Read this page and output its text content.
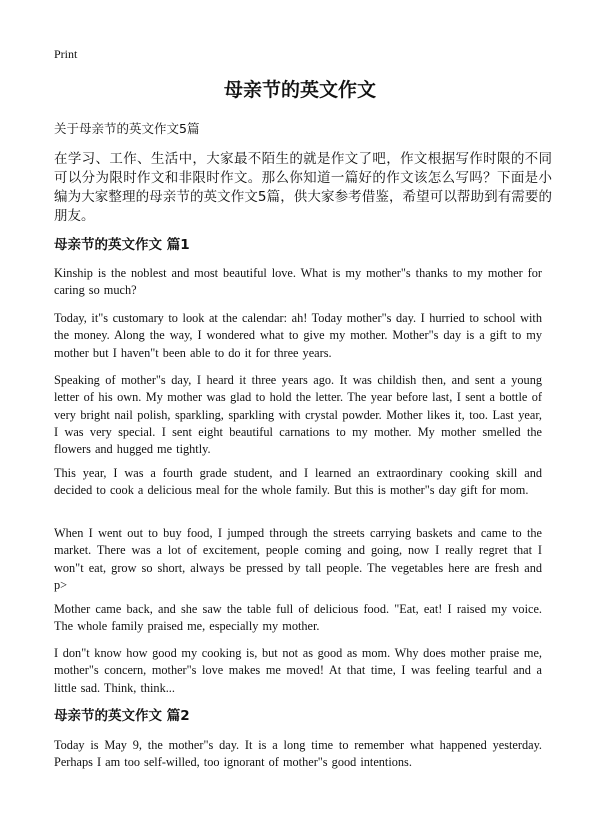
Print
母亲节的英文作文
关于母亲节的英文作文5篇
在学习、工作、生活中，大家最不陌生的就是作文了吧，作文根据写作时限的不同可以分为限时作文和非限时作文。那么你知道一篇好的作文该怎么写吗？下面是小编为大家整理的母亲节的英文作文5篇，供大家参考借鉴，希望可以帮助到有需要的朋友。
母亲节的英文作文 篇1
Kinship is the noblest and most beautiful love. What is my mother"s thanks to my mother for caring so much?
Today, it"s customary to look at the calendar: ah! Today mother"s day. I hurried to school with the money. Along the way, I wondered what to give my mother. Mother"s day is a gift to my mother but I haven"t been able to do it for three years.
Speaking of mother"s day, I heard it three years ago. It was childish then, and sent a young letter of his own. My mother was glad to hold the letter. The year before last, I sent a bottle of very bright nail polish, sparkling, sparkling with crystal powder. Mother likes it, too. Last year, I was very special. I sent eight beautiful carnations to my mother. My mother smelled the flowers and hugged me tightly.
This year, I was a fourth grade student, and I learned an extraordinary cooking skill and decided to cook a delicious meal for the whole family. But this is mother"s day gift for mom.
When I went out to buy food, I jumped through the streets carrying baskets and came to the market. There was a lot of excitement, people coming and going, now I really regret that I won"t eat, grow so short, always be pressed by tall people. The vegetables here are fresh and p>
Mother came back, and she saw the table full of delicious food. "Eat, eat! I raised my voice. The whole family praised me, especially my mother.
I don"t know how good my cooking is, but not as good as mom. Why does mother praise me, mother"s concern, mother"s love makes me moved! At that time, I was feeling tearful and a little sad. Think, think...
母亲节的英文作文 篇2
Today is May 9, the mother"s day. It is a long time to remember what happened yesterday. Perhaps I am too self-willed, too ignorant of mother"s good intentions.
